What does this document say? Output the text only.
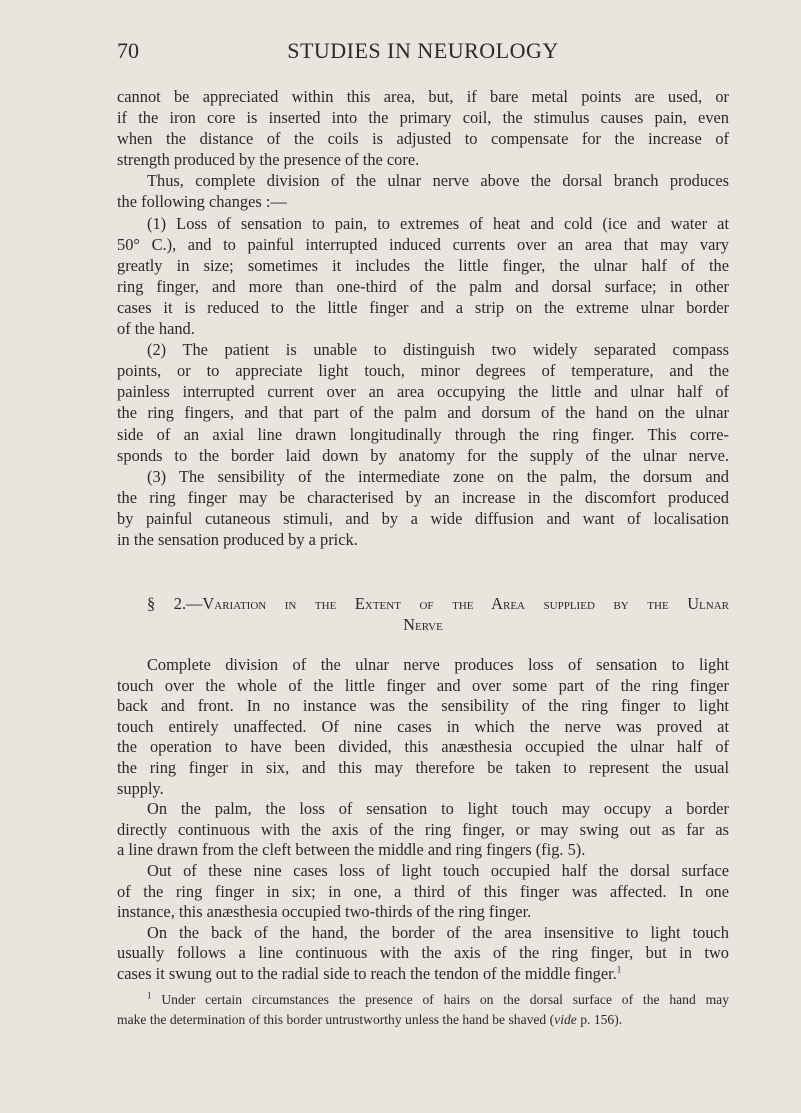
70	STUDIES IN NEUROLOGY
cannot be appreciated within this area, but, if bare metal points are used, or
if the iron core is inserted into the primary coil, the stimulus causes pain, even
when the distance of the coils is adjusted to compensate for the increase of
strength produced by the presence of the core.
Thus, complete division of the ulnar nerve above the dorsal branch produces
the following changes :—
(1) Loss of sensation to pain, to extremes of heat and cold (ice and water at
50° C.), and to painful interrupted induced currents over an area that may vary
greatly in size; sometimes it includes the little finger, the ulnar half of the
ring finger, and more than one-third of the palm and dorsal surface; in other
cases it is reduced to the little finger and a strip on the extreme ulnar border
of the hand.
(2) The patient is unable to distinguish two widely separated compass
points, or to appreciate light touch, minor degrees of temperature, and the
painless interrupted current over an area occupying the little and ulnar half of
the ring fingers, and that part of the palm and dorsum of the hand on the ulnar
side of an axial line drawn longitudinally through the ring finger. This corre-
sponds to the border laid down by anatomy for the supply of the ulnar nerve.
(3) The sensibility of the intermediate zone on the palm, the dorsum and
the ring finger may be characterised by an increase in the discomfort produced
by painful cutaneous stimuli, and by a wide diffusion and want of localisation
in the sensation produced by a prick.
§ 2.—Variation in the Extent of the Area supplied by the Ulnar
Nerve
Complete division of the ulnar nerve produces loss of sensation to light
touch over the whole of the little finger and over some part of the ring finger
back and front. In no instance was the sensibility of the ring finger to light
touch entirely unaffected. Of nine cases in which the nerve was proved at
the operation to have been divided, this anæsthesia occupied the ulnar half of
the ring finger in six, and this may therefore be taken to represent the usual
supply.
On the palm, the loss of sensation to light touch may occupy a border
directly continuous with the axis of the ring finger, or may swing out as far as
a line drawn from the cleft between the middle and ring fingers (fig. 5).
Out of these nine cases loss of light touch occupied half the dorsal surface
of the ring finger in six; in one, a third of this finger was affected. In one
instance, this anæsthesia occupied two-thirds of the ring finger.
On the back of the hand, the border of the area insensitive to light touch
usually follows a line continuous with the axis of the ring finger, but in two
cases it swung out to the radial side to reach the tendon of the middle finger.$^1$
$^1$ Under certain circumstances the presence of hairs on the dorsal surface of the hand may
make the determination of this border untrustworthy unless the hand be shaved (vide p. 156).
